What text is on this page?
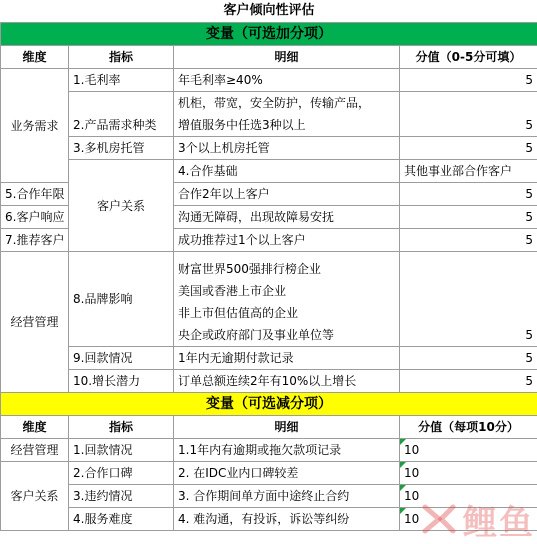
客户倾向性评估				
变量（可选加分项）				
维度	指标	明细	分值（0-5分可填）	
业务需求	1.毛利率	年毛利率≥40%	5	
	2.产品需求种类	机柜，带宽，安全防护，传输产品，
增值服务中任选3种以上	5	
	3.多机房托管	3个以上机房托管	5	
	客户关系	4.合作基础	其他事业部合作客户	
5.合作年限		合作2年以上客户	5	
6.客户响应		沟通无障碍，出现故障易安抚	5	
7.推荐客户		成功推荐过1个以上客户	5	
经营管理	8.品牌影响	财富世界500强排行榜企业
美国或香港上市企业
非上市但估值高的企业
央企或政府部门及事业单位等	5	
	9.回款情况	1年内无逾期付款记录	5	
	10.增长潜力	订单总额连续2年有10%以上增长	5	
变量（可选减分项）				
维度	指标	明细	分值（每项10分）	
经营管理	1.回款情况	1.1年内有逾期或拖欠款项记录	10	
客户关系	2.合作口碑	2. 在IDC业内口碑较差	10	
	3.违约情况	3. 合作期间单方面中途终止合约	10	
	4.服务难度	4. 难沟通，有投诉，诉讼等纠纷	10	鲤鱼
